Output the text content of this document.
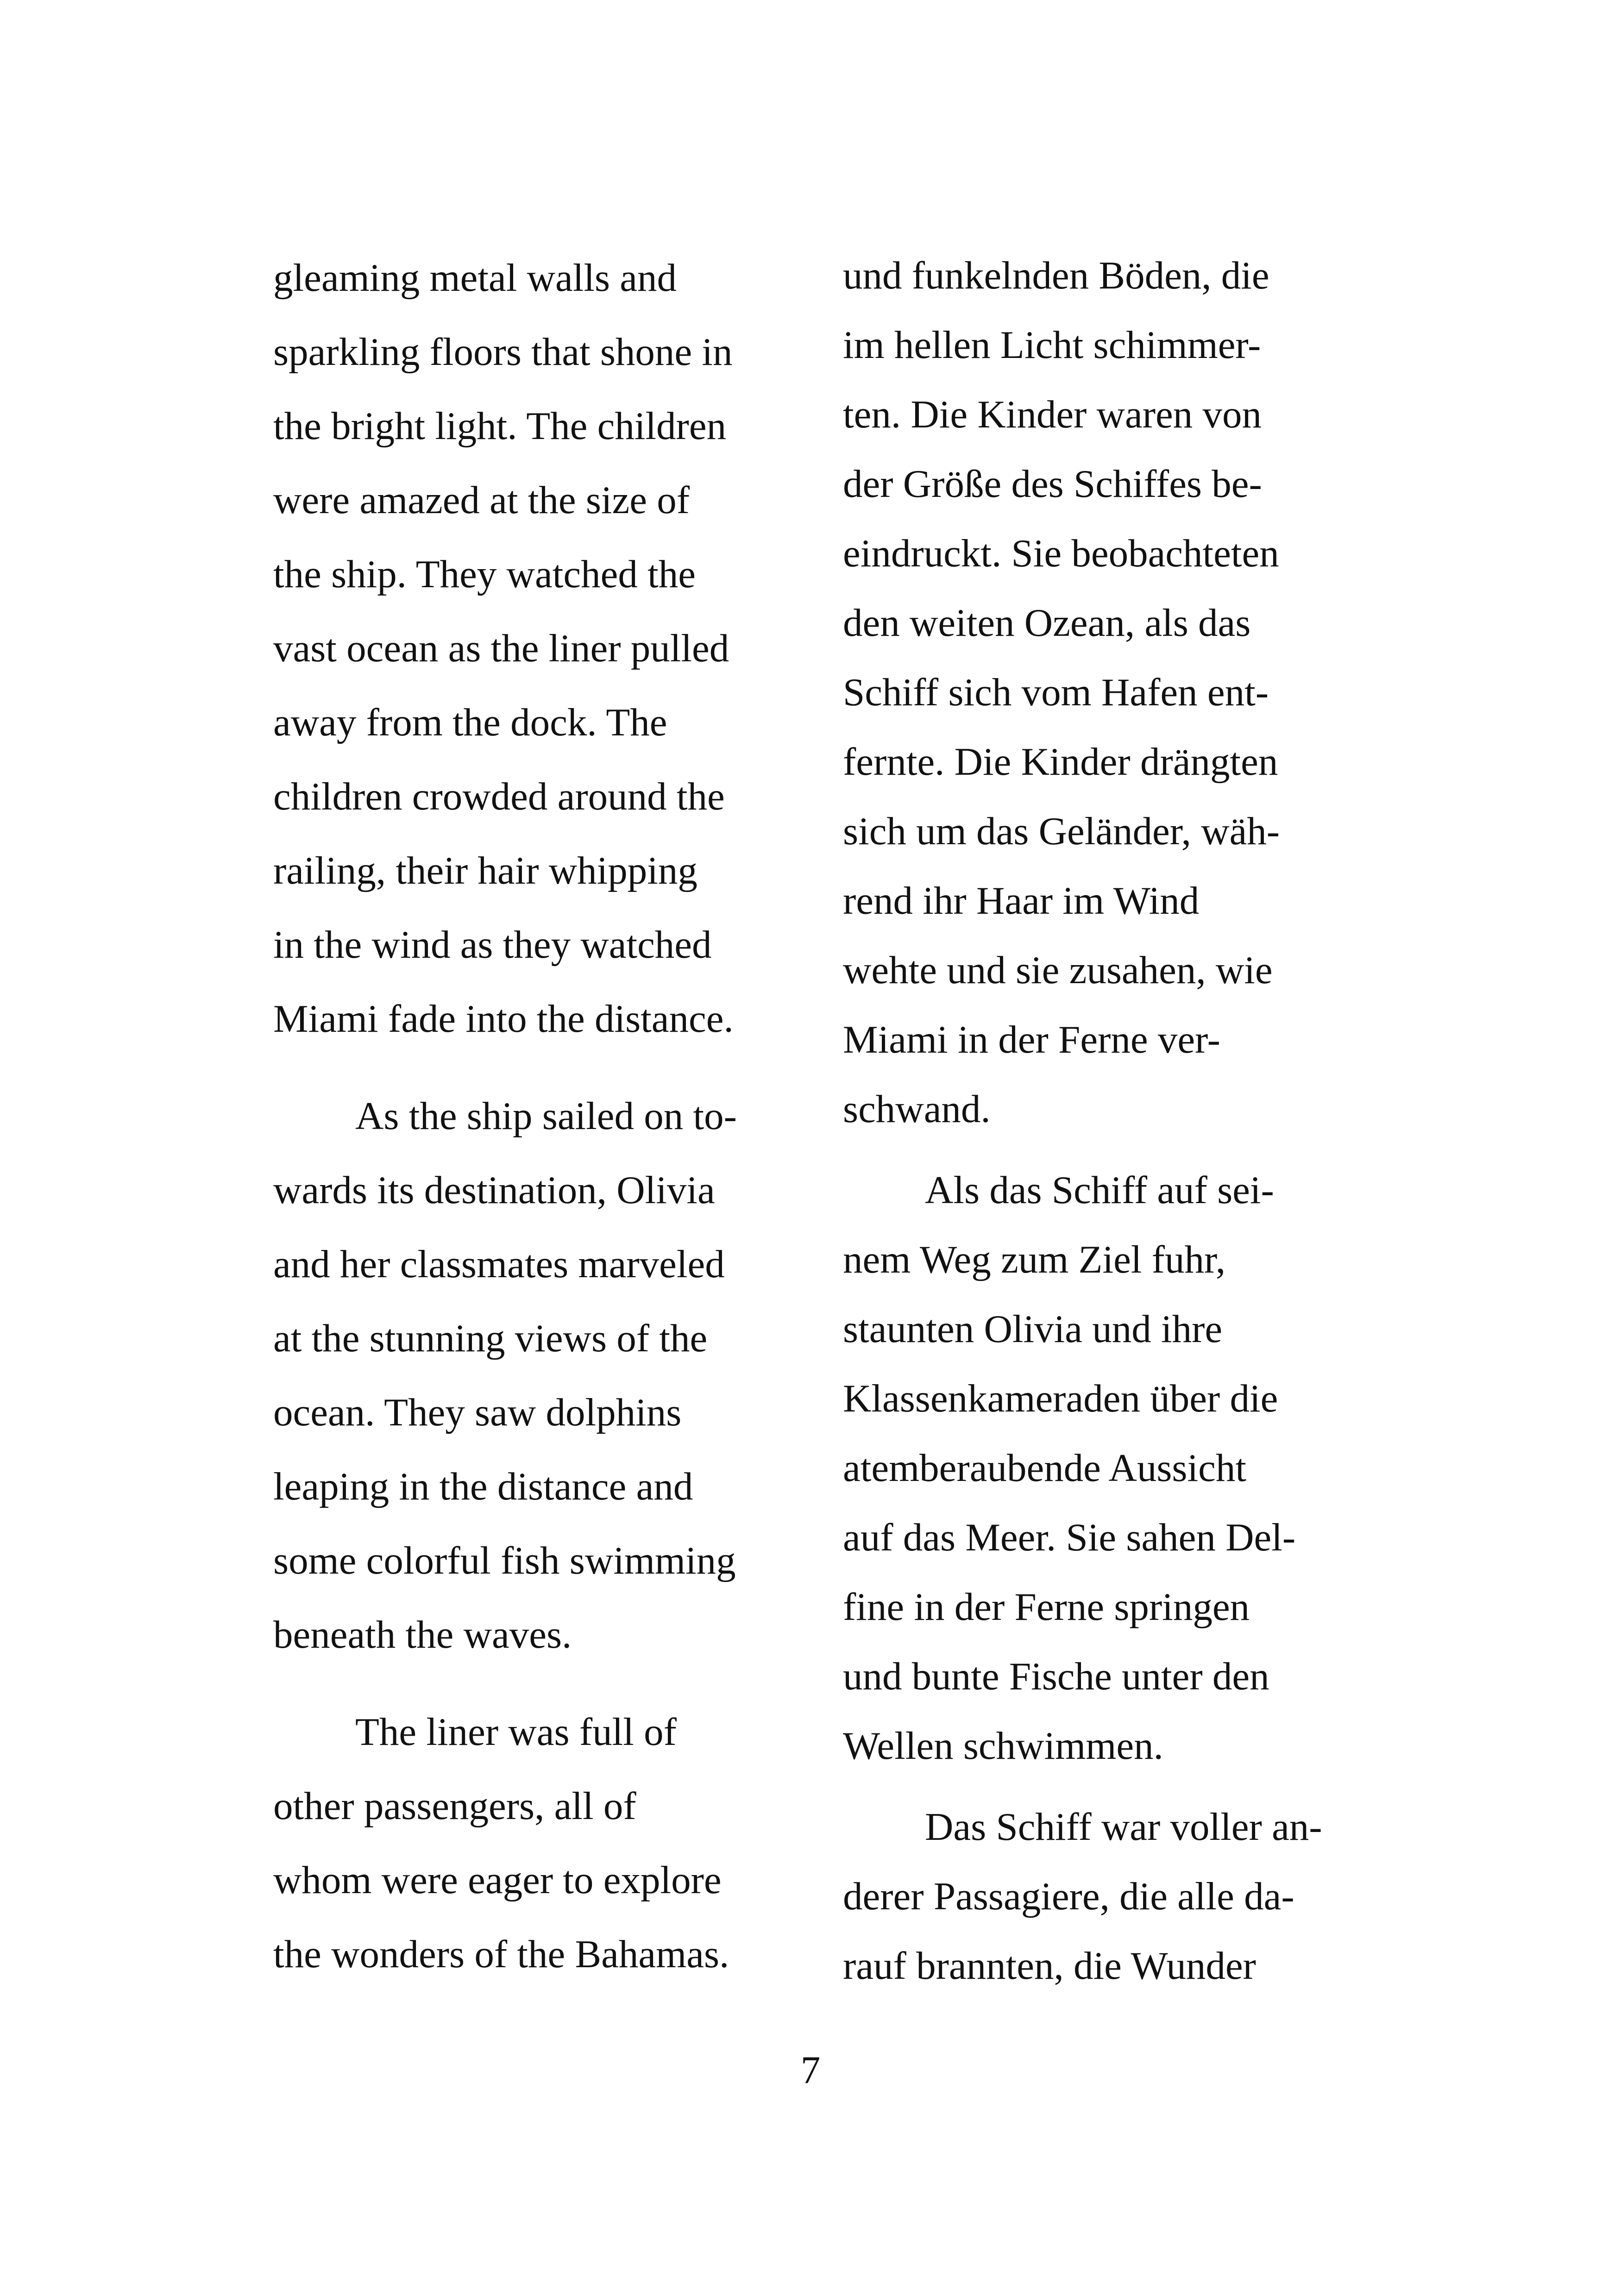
gleaming metal walls and
sparkling floors that shone in
the bright light. The children
were amazed at the size of
the ship. They watched the
vast ocean as the liner pulled
away from the dock. The
children crowded around the
railing, their hair whipping
in the wind as they watched
Miami fade into the distance.
As the ship sailed on to-
wards its destination, Olivia
and her classmates marveled
at the stunning views of the
ocean. They saw dolphins
leaping in the distance and
some colorful fish swimming
beneath the waves.
The liner was full of
other passengers, all of
whom were eager to explore
the wonders of the Bahamas.
und funkelnden Böden, die
im hellen Licht schimmer-
ten. Die Kinder waren von
der Größe des Schiffes be-
eindruckt. Sie beobachteten
den weiten Ozean, als das
Schiff sich vom Hafen ent-
fernte. Die Kinder drängten
sich um das Geländer, wäh-
rend ihr Haar im Wind
wehte und sie zusahen, wie
Miami in der Ferne ver-
schwand.
Als das Schiff auf sei-
nem Weg zum Ziel fuhr,
staunten Olivia und ihre
Klassenkameraden über die
atemberaubende Aussicht
auf das Meer. Sie sahen Del-
fine in der Ferne springen
und bunte Fische unter den
Wellen schwimmen.
Das Schiff war voller an-
derer Passagiere, die alle da-
rauf brannten, die Wunder
7
